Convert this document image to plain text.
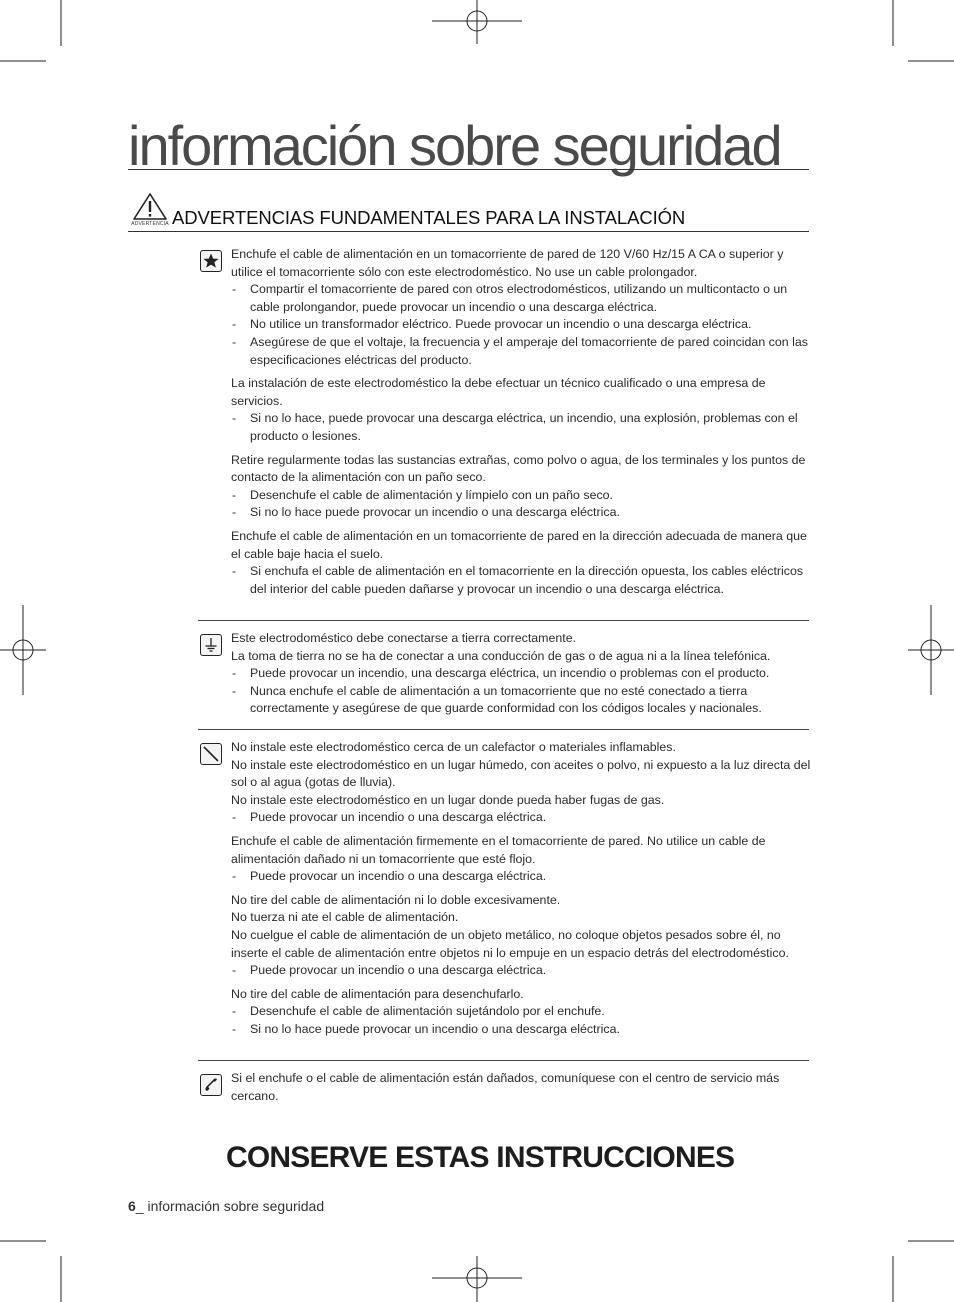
información sobre seguridad
ADVERTENCIA ADVERTENCIAS FUNDAMENTALES PARA LA INSTALACIÓN
Enchufe el cable de alimentación en un tomacorriente de pared de 120 V/60 Hz/15 A CA o superior y utilice el tomacorriente sólo con este electrodoméstico. No use un cable prolongador.
- Compartir el tomacorriente de pared con otros electrodomésticos, utilizando un multicontacto o un cable prolongandor, puede provocar un incendio o una descarga eléctrica.
- No utilice un transformador eléctrico. Puede provocar un incendio o una descarga eléctrica.
- Asegúrese de que el voltaje, la frecuencia y el amperaje del tomacorriente de pared coincidan con las especificaciones eléctricas del producto.
La instalación de este electrodoméstico la debe efectuar un técnico cualificado o una empresa de servicios.
- Si no lo hace, puede provocar una descarga eléctrica, un incendio, una explosión, problemas con el producto o lesiones.
Retire regularmente todas las sustancias extrañas, como polvo o agua, de los terminales y los puntos de contacto de la alimentación con un paño seco.
- Desenchufe el cable de alimentación y límpielo con un paño seco.
- Si no lo hace puede provocar un incendio o una descarga eléctrica.
Enchufe el cable de alimentación en un tomacorriente de pared en la dirección adecuada de manera que el cable baje hacia el suelo.
- Si enchufa el cable de alimentación en el tomacorriente en la dirección opuesta, los cables eléctricos del interior del cable pueden dañarse y provocar un incendio o una descarga eléctrica.
Este electrodoméstico debe conectarse a tierra correctamente.
La toma de tierra no se ha de conectar a una conducción de gas o de agua ni a la línea telefónica.
- Puede provocar un incendio, una descarga eléctrica, un incendio o problemas con el producto.
- Nunca enchufe el cable de alimentación a un tomacorriente que no esté conectado a tierra correctamente y asegúrese de que guarde conformidad con los códigos locales y nacionales.
No instale este electrodoméstico cerca de un calefactor o materiales inflamables.
No instale este electrodoméstico en un lugar húmedo, con aceites o polvo, ni expuesto a la luz directa del sol o al agua (gotas de lluvia).
No instale este electrodoméstico en un lugar donde pueda haber fugas de gas.
- Puede provocar un incendio o una descarga eléctrica.
Enchufe el cable de alimentación firmemente en el tomacorriente de pared. No utilice un cable de alimentación dañado ni un tomacorriente que esté flojo.
- Puede provocar un incendio o una descarga eléctrica.
No tire del cable de alimentación ni lo doble excesivamente.
No tuerza ni ate el cable de alimentación.
No cuelgue el cable de alimentación de un objeto metálico, no coloque objetos pesados sobre él, no inserte el cable de alimentación entre objetos ni lo empuje en un espacio detrás del electrodoméstico.
- Puede provocar un incendio o una descarga eléctrica.
No tire del cable de alimentación para desenchufarlo.
- Desenchufe el cable de alimentación sujetándolo por el enchufe.
- Si no lo hace puede provocar un incendio o una descarga eléctrica.
Si el enchufe o el cable de alimentación están dañados, comuníquese con el centro de servicio más cercano.
CONSERVE ESTAS INSTRUCCIONES
6_ información sobre seguridad
